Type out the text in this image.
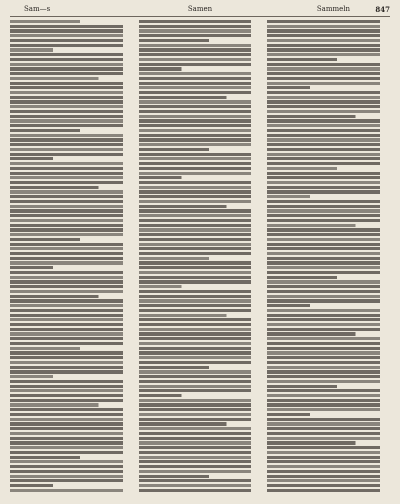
Sam—s	Samen	Sammeln	847
